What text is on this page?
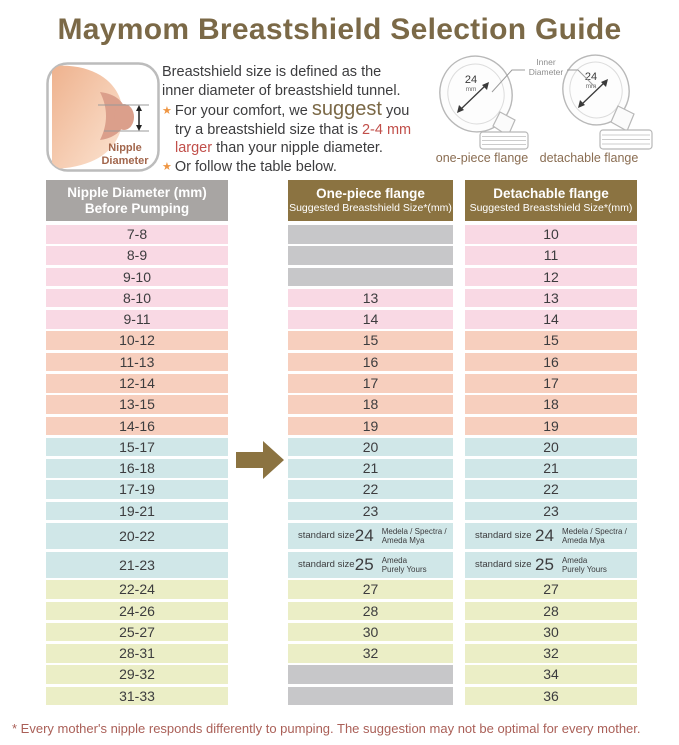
Maymom Breastshield Selection Guide
Nipple
Diameter
Breastshield size is defined as the
inner diameter of breastshield tunnel.
★ For your comfort, we suggest you
try a breastshield size that is 2-4 mm
larger than your nipple diameter.
★ Or follow the table below.
24
mm
24
mm
Inner
Diameter
one-piece flange detachable flange
Nipple Diameter (mm)
Before Pumping
7-8
8-9
9-10
8-10
9-11
10-12
11-13
12-14
13-15
14-16
15-17
16-18
17-19
19-21
20-22
21-23
22-24
24-26
25-27
28-31
29-32
31-33
One-piece flange
Suggested Breastshield Size*(mm)
13
14
15
16
17
18
19
20
21
22
23
standard size 24 Medela / Spectra /
Ameda Mya
standard size 25 Ameda
Purely Yours
27
28
30
32
Detachable flange
Suggested Breastshield Size*(mm)
10
11
12
13
14
15
16
17
18
19
20
21
22
23
standard size 24 Medela / Spectra /
Ameda Mya
standard size 25 Ameda
Purely Yours
27
28
30
32
34
36
* Every mother's nipple responds differently to pumping. The suggestion may not be optimal for every mother.
